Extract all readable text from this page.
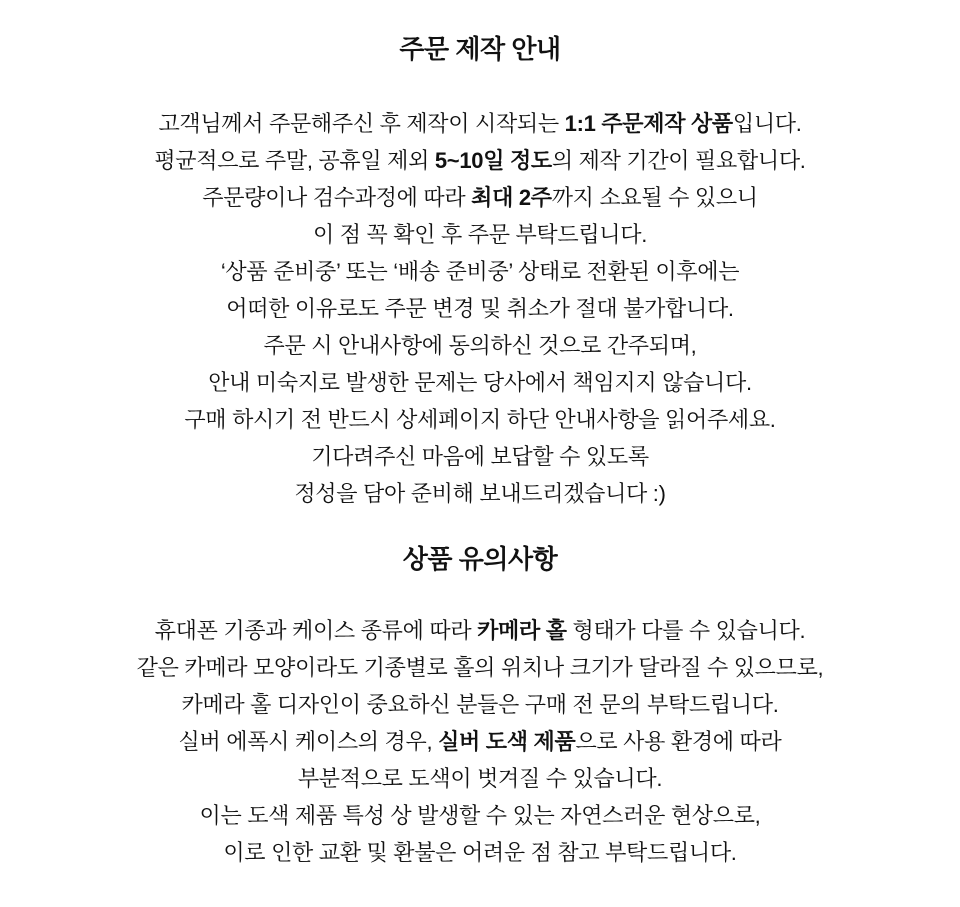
주문 제작 안내

고객님께서 주문해주신 후 제작이 시작되는 1:1 주문제작 상품입니다.

평균적으로 주말, 공휴일 제외 5~10일 정도의 제작 기간이 필요합니다.

주문량이나 검수과정에 따라 최대 2주까지 소요될 수 있으니

이 점 꼭 확인 후 주문 부탁드립니다.

‘상품 준비중’ 또는 ‘배송 준비중’ 상태로 전환된 이후에는

어떠한 이유로도 주문 변경 및 취소가 절대 불가합니다.

주문 시 안내사항에 동의하신 것으로 간주되며,

안내 미숙지로 발생한 문제는 당사에서 책임지지 않습니다.

구매 하시기 전 반드시 상세페이지 하단 안내사항을 읽어주세요.

기다려주신 마음에 보답할 수 있도록

정성을 담아 준비해 보내드리겠습니다 :)

상품 유의사항

휴대폰 기종과 케이스 종류에 따라 카메라 홀 형태가 다를 수 있습니다.

같은 카메라 모양이라도 기종별로 홀의 위치나 크기가 달라질 수 있으므로,

카메라 홀 디자인이 중요하신 분들은 구매 전 문의 부탁드립니다.

실버 에폭시 케이스의 경우, 실버 도색 제품으로 사용 환경에 따라

부분적으로 도색이 벗겨질 수 있습니다.

이는 도색 제품 특성 상 발생할 수 있는 자연스러운 현상으로,

이로 인한 교환 및 환불은 어려운 점 참고 부탁드립니다.
